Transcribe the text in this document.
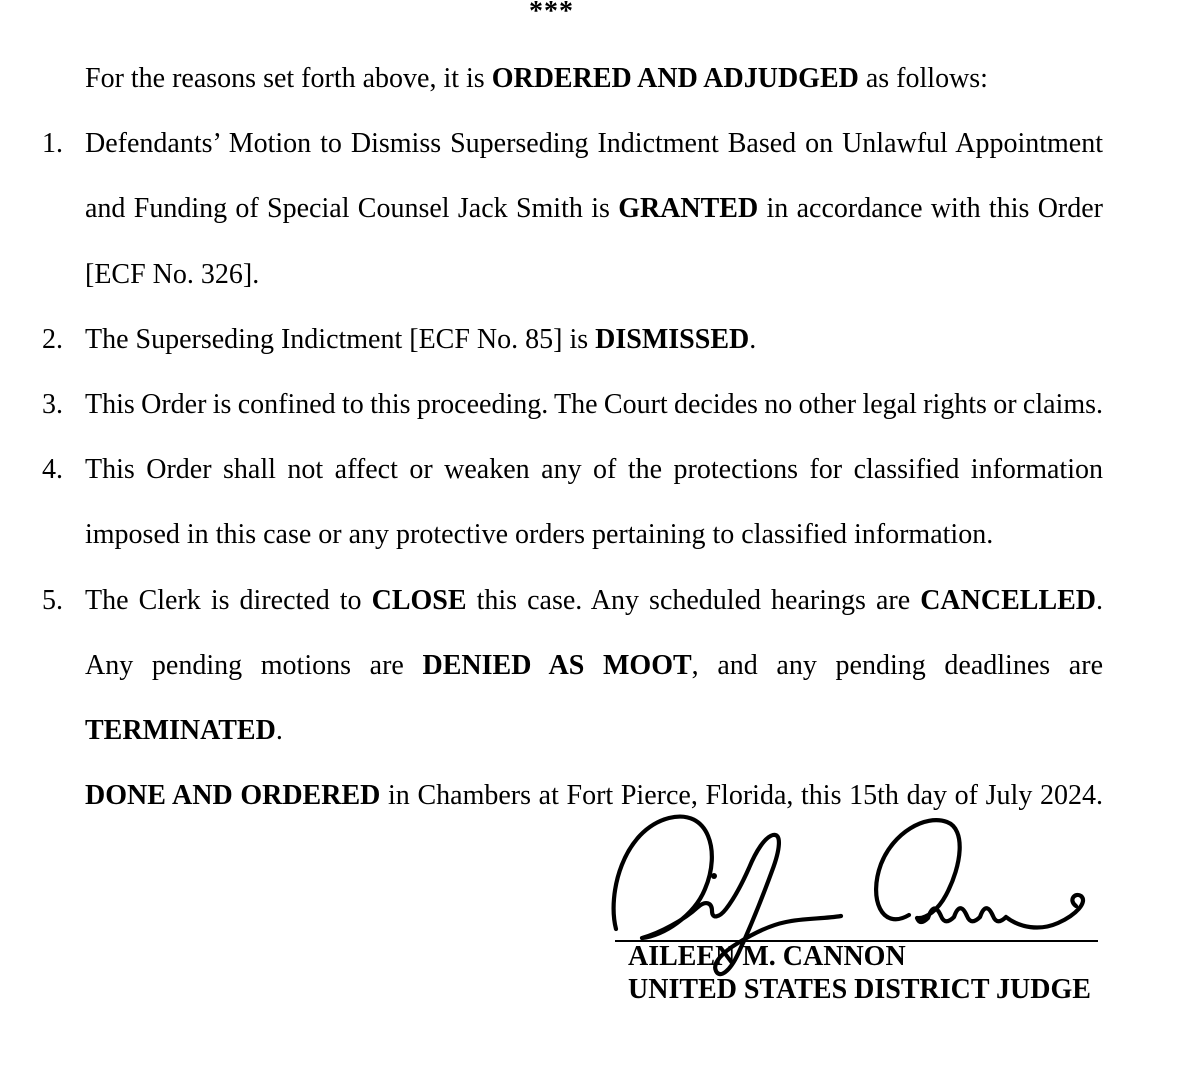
***
For the reasons set forth above, it is ORDERED AND ADJUDGED as follows:
1. Defendants’ Motion to Dismiss Superseding Indictment Based on Unlawful Appointment
and Funding of Special Counsel Jack Smith is GRANTED in accordance with this Order
[ECF No. 326].
2. The Superseding Indictment [ECF No. 85] is DISMISSED.
3. This Order is confined to this proceeding. The Court decides no other legal rights or claims.
4. This Order shall not affect or weaken any of the protections for classified information
imposed in this case or any protective orders pertaining to classified information.
5. The Clerk is directed to CLOSE this case. Any scheduled hearings are CANCELLED.
Any pending motions are DENIED AS MOOT, and any pending deadlines are
TERMINATED.
DONE AND ORDERED in Chambers at Fort Pierce, Florida, this 15th day of July 2024.
AILEEN M. CANNON
UNITED STATES DISTRICT JUDGE
